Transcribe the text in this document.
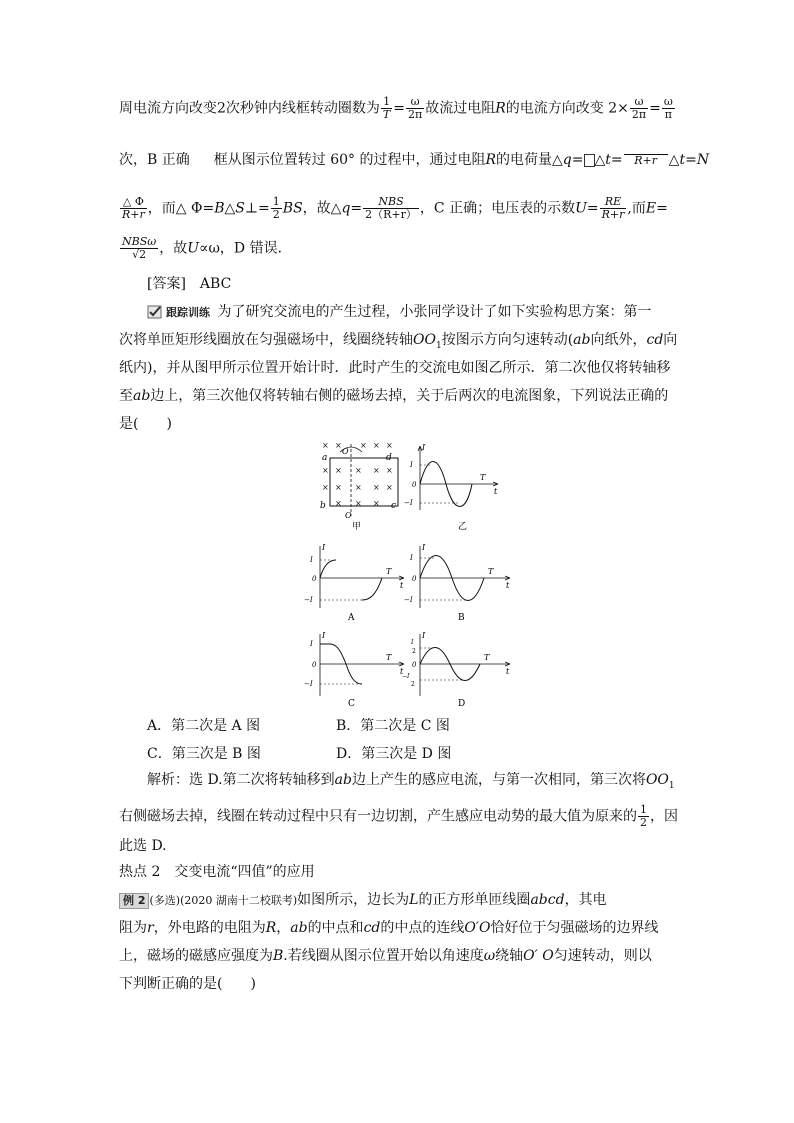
周电流方向改变2次秒钟内线框转动圈数为 $\frac{1}{T} = \frac{\omega}{2\pi}$ 故流过电阻R的电流方向改变 $2\times \frac{\omega}{2\pi} = \frac{\omega}{\pi}$
次，B 正确 框从图示位置转过 60° 的过程中，通过电阻R的电荷量△q= △t=	R+r △t=N
$\frac{\triangle \Phi}{R+r}$ ，而△ Φ=B△S⊥= $\frac{1}{2}$ BS，故△q= $\frac{\text{NBS}}{2(R+r)}$ ，C 正确；电压表的示数$U= \frac{RE}{R+r}$ ,而E=
$\frac{\text{NBSω}}{√2}$ ，故U∝ω，D 错误．
[答案]　ABC
跟踪训练 为了研究交流电的产生过程，小张同学设计了如下实验构思方案：第一
次将单匝矩形线圈放在匀强磁场中，线圈绕转轴$OO_1$按图示方向匀速转动(ab向纸外，cd向
纸内)，并从图甲所示位置开始计时．此时产生的交流电如图乙所示．第二次他仅将转轴移
至ab边上，第三次他仅将转轴右侧的磁场去掉，关于后两次的电流图象，下列说法正确的
是(　　)
× × × × ×
× × × × ×
× × × × ×
× × ×
a	d
b	c
O
O
甲
I
I
0
−I
T
t
乙
I
I
0
−I
T
t
A
I
I
0
−I
T
t
B
I
I
0
−I
T
t
C
I
I
2
0
−I
2
T
t
D
A．第二次是 A 图	B．第二次是 C 图
C．第三次是 B 图	D．第三次是 D 图
解析：选 D.第二次将转轴移到ab边上产生的感应电流，与第一次相同，第三次将$OO_1$
右侧磁场去掉，线圈在转动过程中只有一边切割，产生感应电动势的最大值为原来的 $\frac{1}{2}$ ，因
此选 D.
热点 2　交变电流“四值”的应用
例 2 (多选)(2020 湖南十二校联考)如图所示，边长为L的正方形单匝线圈abcd，其电
阻为r，外电路的电阻为R，ab的中点和cd的中点的连线O′O恰好位于匀强磁场的边界线
上，磁场的磁感应强度为B.若线圈从图示位置开始以角速度ω绕轴O′ O匀速转动，则以
下判断正确的是(　　)
